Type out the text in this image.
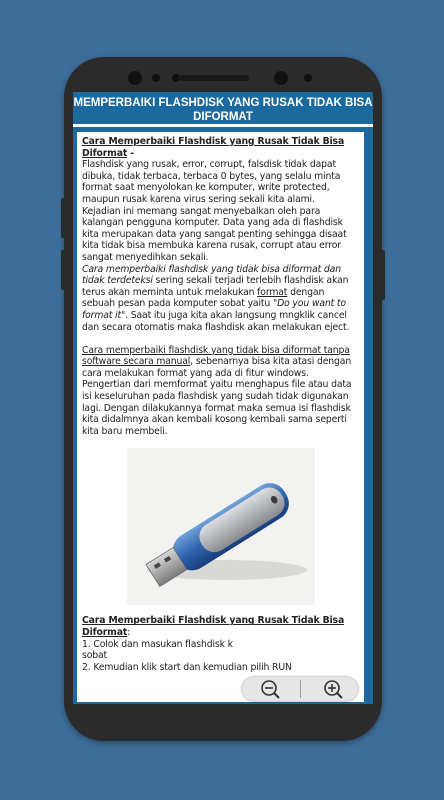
MEMPERBAIKI FLASHDISK YANG RUSAK TIDAK BISA DIFORMAT

Cara Memperbaiki Flashdisk yang Rusak Tidak Bisa Diformat -

Flashdisk yang rusak, error, corrupt, falsdisk tidak dapat dibuka, tidak terbaca, terbaca 0 bytes, yang selalu minta format saat menyolokan ke komputer, write protected, maupun rusak karena virus sering sekali kita alami.

Kejadian ini memang sangat menyebalkan oleh para kalangan pengguna komputer. Data yang ada di flashdisk kita merupakan data yang sangat penting sehingga disaat kita tidak bisa membuka karena rusak, corrupt atau error sangat menyedihkan sekali.

Cara memperbaiki flashdisk yang tidak bisa diformat dan tidak terdeteksi sering sekali terjadi terlebih flashdisk akan terus akan meminta untuk melakukan format dengan sebuah pesan pada komputer sobat yaitu "Do you want to format it". Saat itu juga kita akan langsung mngklik cancel dan secara otomatis maka flashdisk akan melakukan eject.

Cara memperbaiki flashdisk yang tidak bisa diformat tanpa software secara manual, sebenarnya bisa kita atasi dengan cara melakukan format yang ada di fitur windows. Pengertian dari memformat yaitu menghapus file atau data isi keseluruhan pada flashdisk yang sudah tidak digunakan lagi. Dengan dilakukannya format maka semua isi flashdisk kita didalmnya akan kembali kosong kembali sama seperti kita baru membeli.

Cara Memperbaiki Flashdisk yang Rusak Tidak Bisa Diformat:

1. Colok dan masukan flashdisk k

sobat

2. Kemudian klik start dan kemudian pilih RUN
